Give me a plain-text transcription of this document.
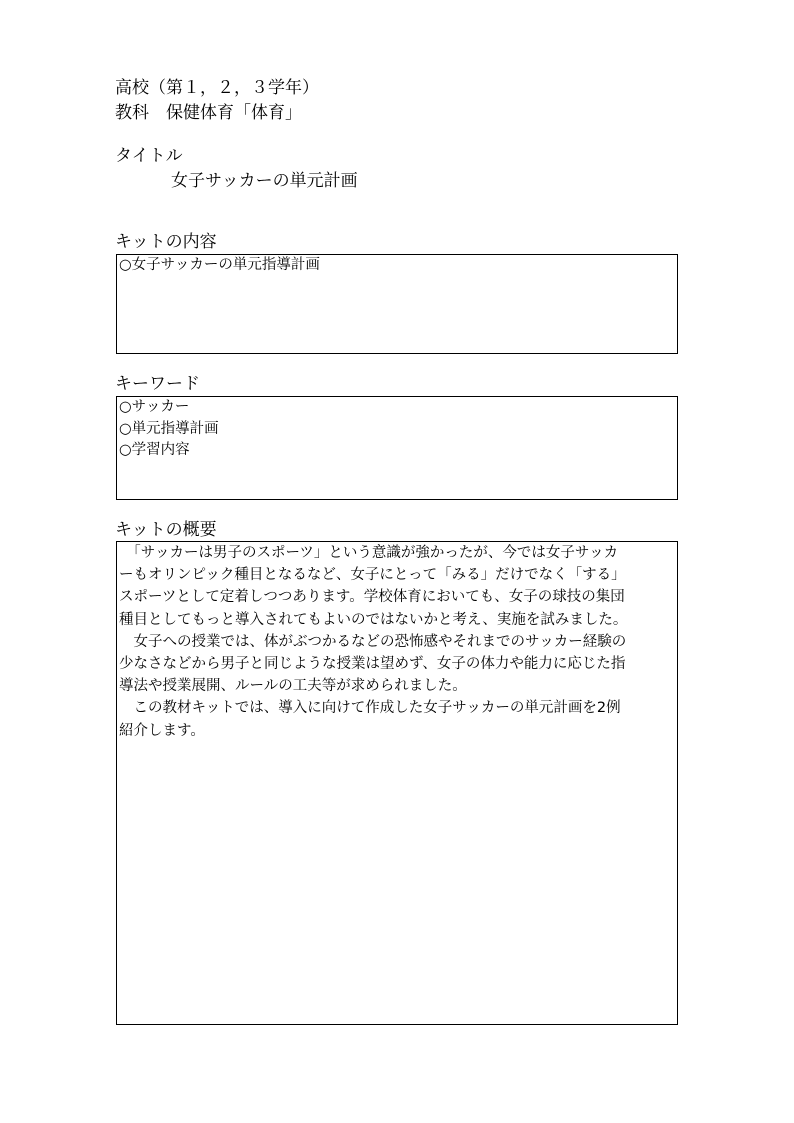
高校（第１，２，３学年）
教科　保健体育「体育」
タイトル
女子サッカーの単元計画
キットの内容
○女子サッカーの単元指導計画
キーワード
○サッカー
○単元指導計画
○学習内容
キットの概要
　「サッカーは男子のスポーツ」という意識が強かったが、今では女子サッカ
ーもオリンピック種目となるなど、女子にとって「みる」だけでなく「する」
スポーツとして定着しつつあります。学校体育においても、女子の球技の集団
種目としてもっと導入されてもよいのではないかと考え、実施を試みました。
　女子への授業では、体がぶつかるなどの恐怖感やそれまでのサッカー経験の
少なさなどから男子と同じような授業は望めず、女子の体力や能力に応じた指
導法や授業展開、ルールの工夫等が求められました。
　この教材キットでは、導入に向けて作成した女子サッカーの単元計画を2例
紹介します。
